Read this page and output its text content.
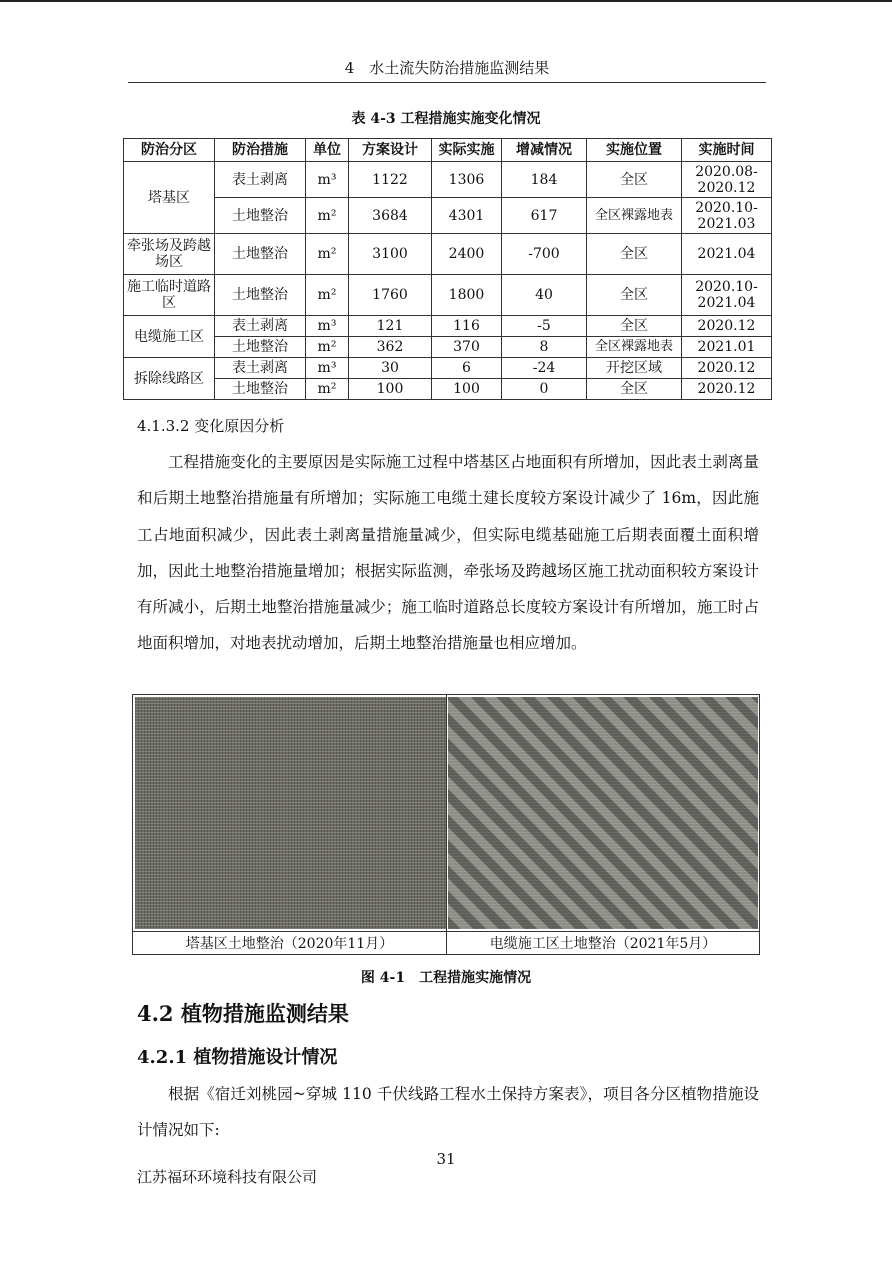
4　水土流失防治措施监测结果
表 4-3 工程措施实施变化情况
防治分区	防治措施	单位	方案设计	实际实施	增减情况	实施位置	实施时间
塔基区	表土剥离	m³	1122	1306	184	全区	2020.08-2020.12
	土地整治	m²	3684	4301	617	全区裸露地表	2020.10-2021.03
牵张场及跨越场区	土地整治	m²	3100	2400	-700	全区	2021.04
施工临时道路区	土地整治	m²	1760	1800	40	全区	2020.10-2021.04
电缆施工区	表土剥离	m³	121	116	-5	全区	2020.12
	土地整治	m²	362	370	8	全区裸露地表	2021.01
拆除线路区	表土剥离	m³	30	6	-24	开挖区域	2020.12
	土地整治	m²	100	100	0	全区	2020.12
4.1.3.2 变化原因分析
工程措施变化的主要原因是实际施工过程中塔基区占地面积有所增加，因此表土剥离量和后期土地整治措施量有所增加；实际施工电缆土建长度较方案设计减少了 16m，因此施工占地面积减少，因此表土剥离量措施量减少，但实际电缆基础施工后期表面覆土面积增加，因此土地整治措施量增加；根据实际监测，牵张场及跨越场区施工扰动面积较方案设计有所减小，后期土地整治措施量减少；施工临时道路总长度较方案设计有所增加，施工时占地面积增加，对地表扰动增加，后期土地整治措施量也相应增加。
塔基区土地整治（2020年11月）	电缆施工区土地整治（2021年5月）
图 4-1　工程措施实施情况
4.2 植物措施监测结果
4.2.1 植物措施设计情况
根据《宿迁刘桃园~穿城 110 千伏线路工程水土保持方案表》，项目各分区植物措施设计情况如下:
31
江苏福环环境科技有限公司
